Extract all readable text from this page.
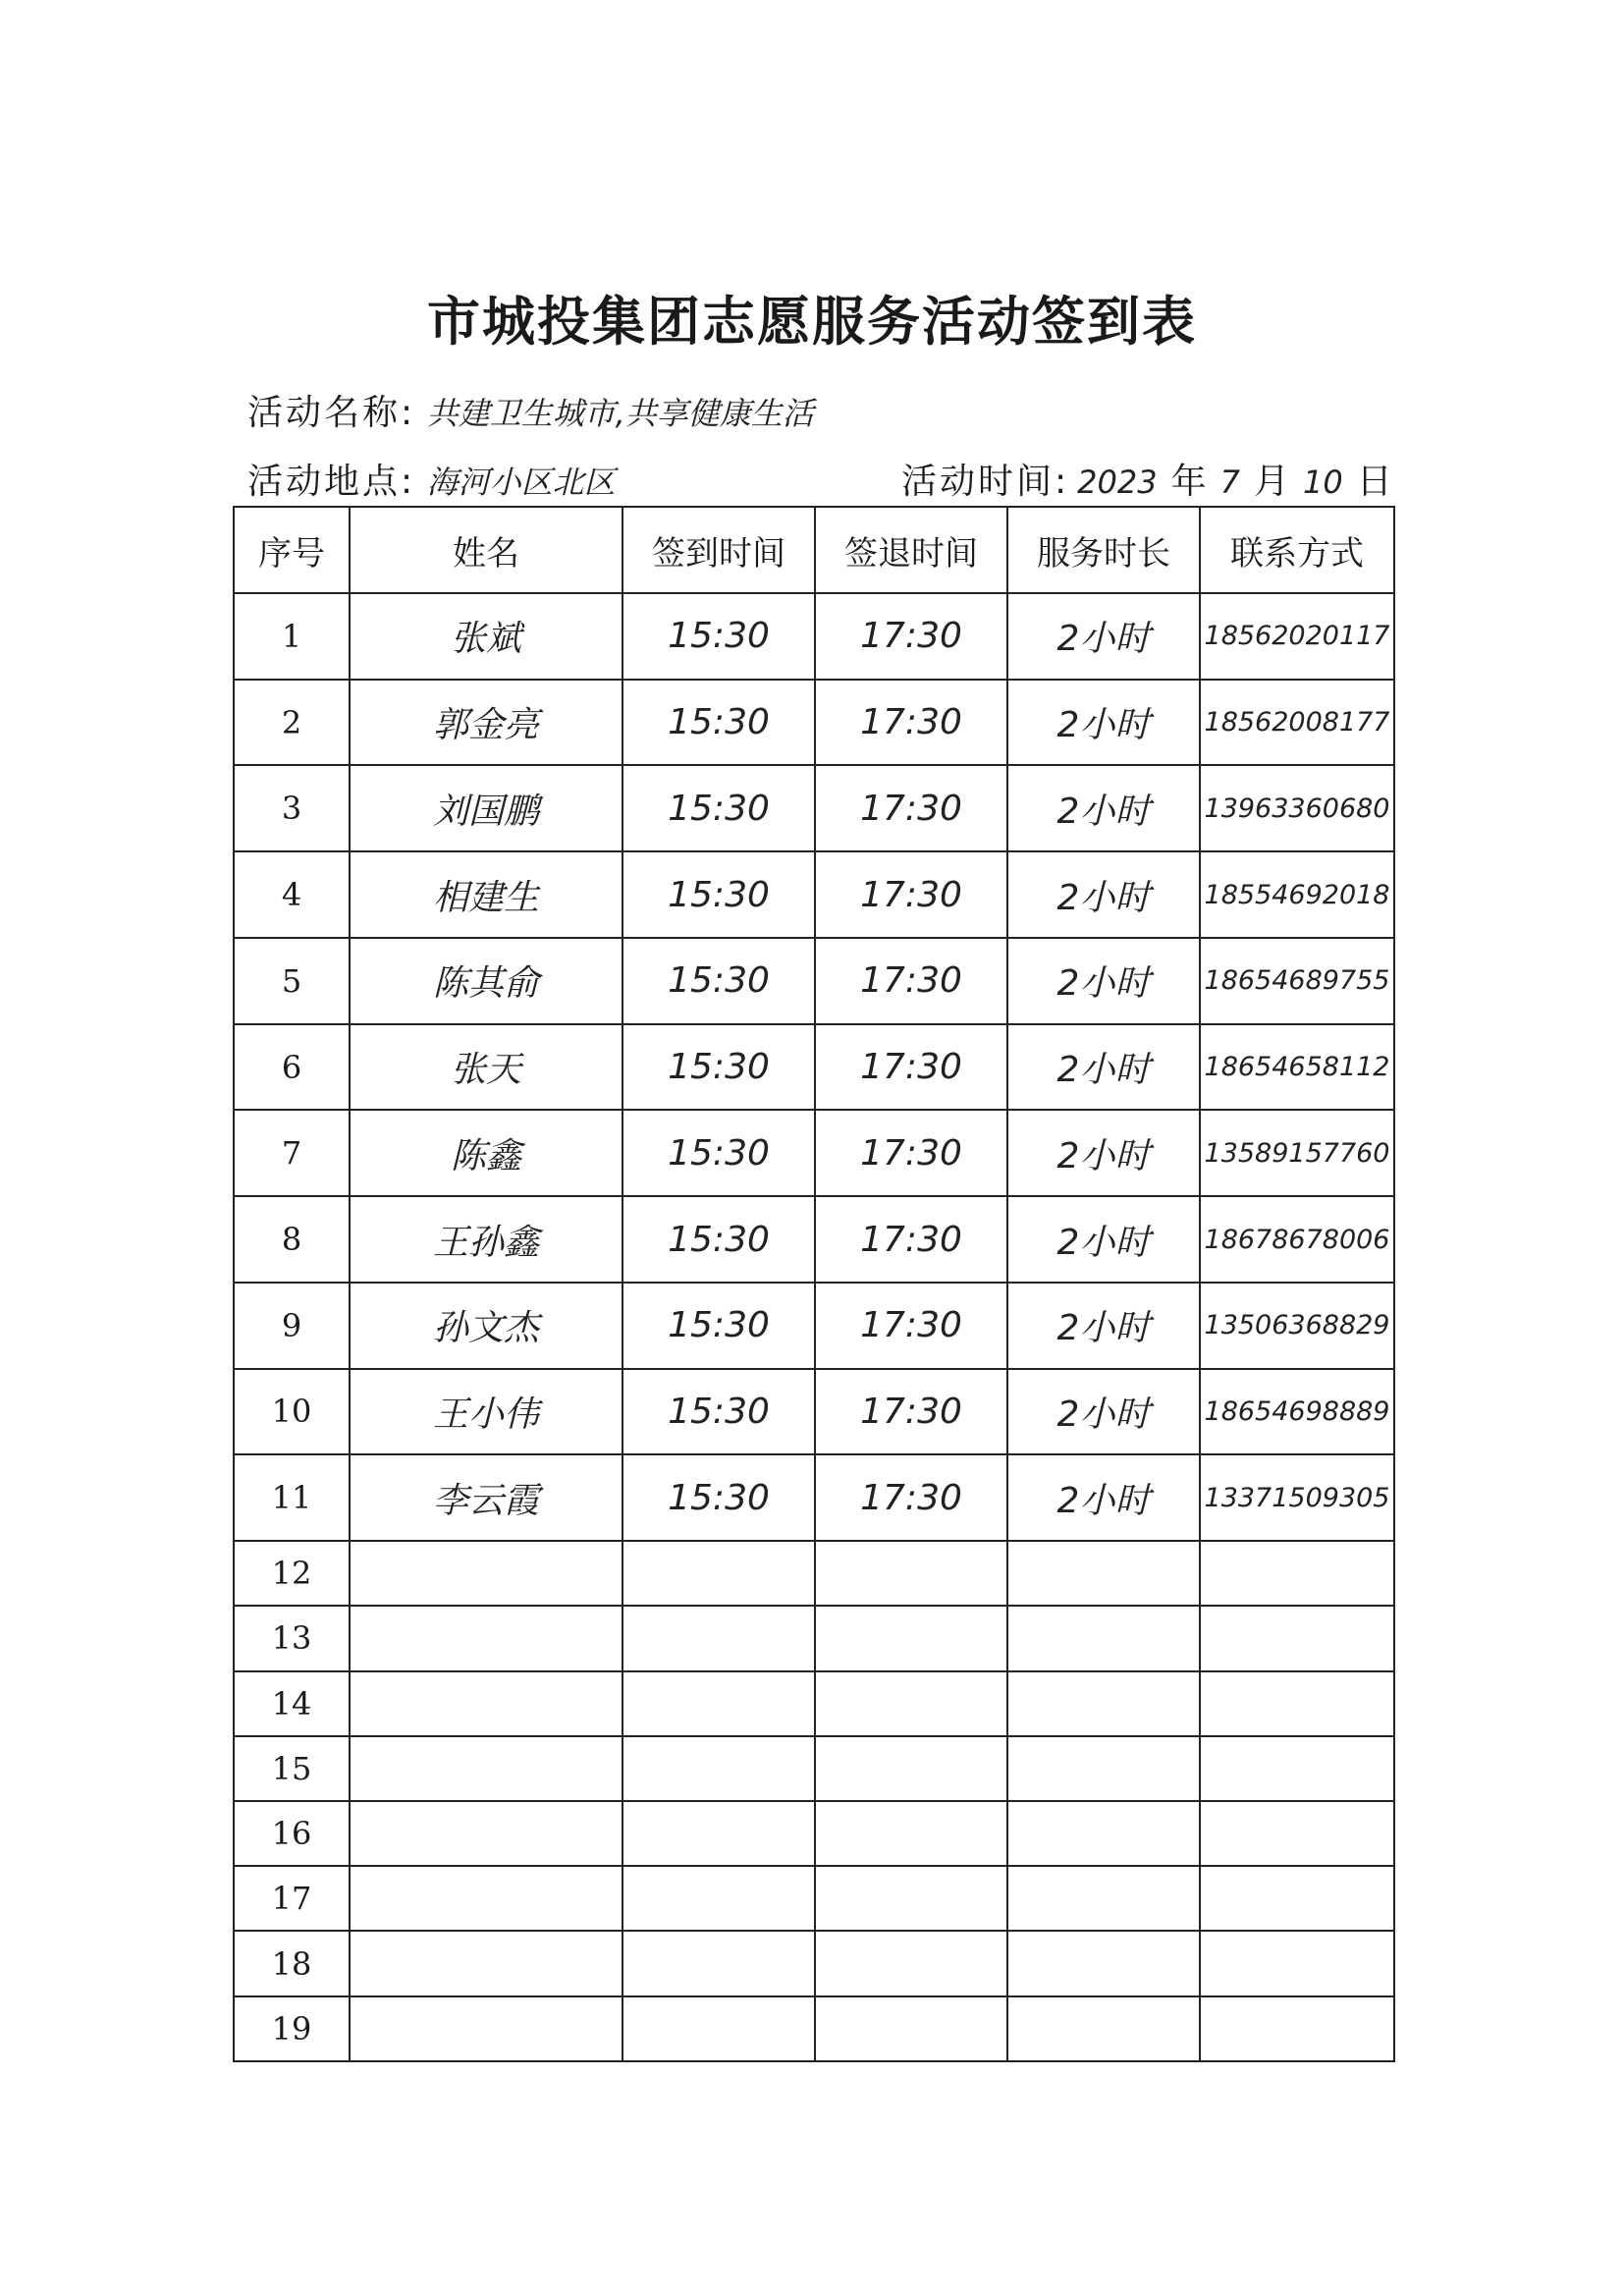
市城投集团志愿服务活动签到表
活动名称: 共建卫生城市,共享健康生活
活动地点: 海河小区北区	活动时间: 2023 年 7 月 10 日
序号	姓名	签到时间	签退时间	服务时长	联系方式
1	张斌	15:30	17:30	2小时	18562020117
2	郭金亮	15:30	17:30	2小时	18562008177
3	刘国鹏	15:30	17:30	2小时	13963360680
4	相建生	15:30	17:30	2小时	18554692018
5	陈其俞	15:30	17:30	2小时	18654689755
6	张天	15:30	17:30	2小时	18654658112
7	陈鑫	15:30	17:30	2小时	13589157760
8	王孙鑫	15:30	17:30	2小时	18678678006
9	孙文杰	15:30	17:30	2小时	13506368829
10	王小伟	15:30	17:30	2小时	18654698889
11	李云霞	15:30	17:30	2小时	13371509305
12					
13					
14					
15					
16					
17					
18					
19					
